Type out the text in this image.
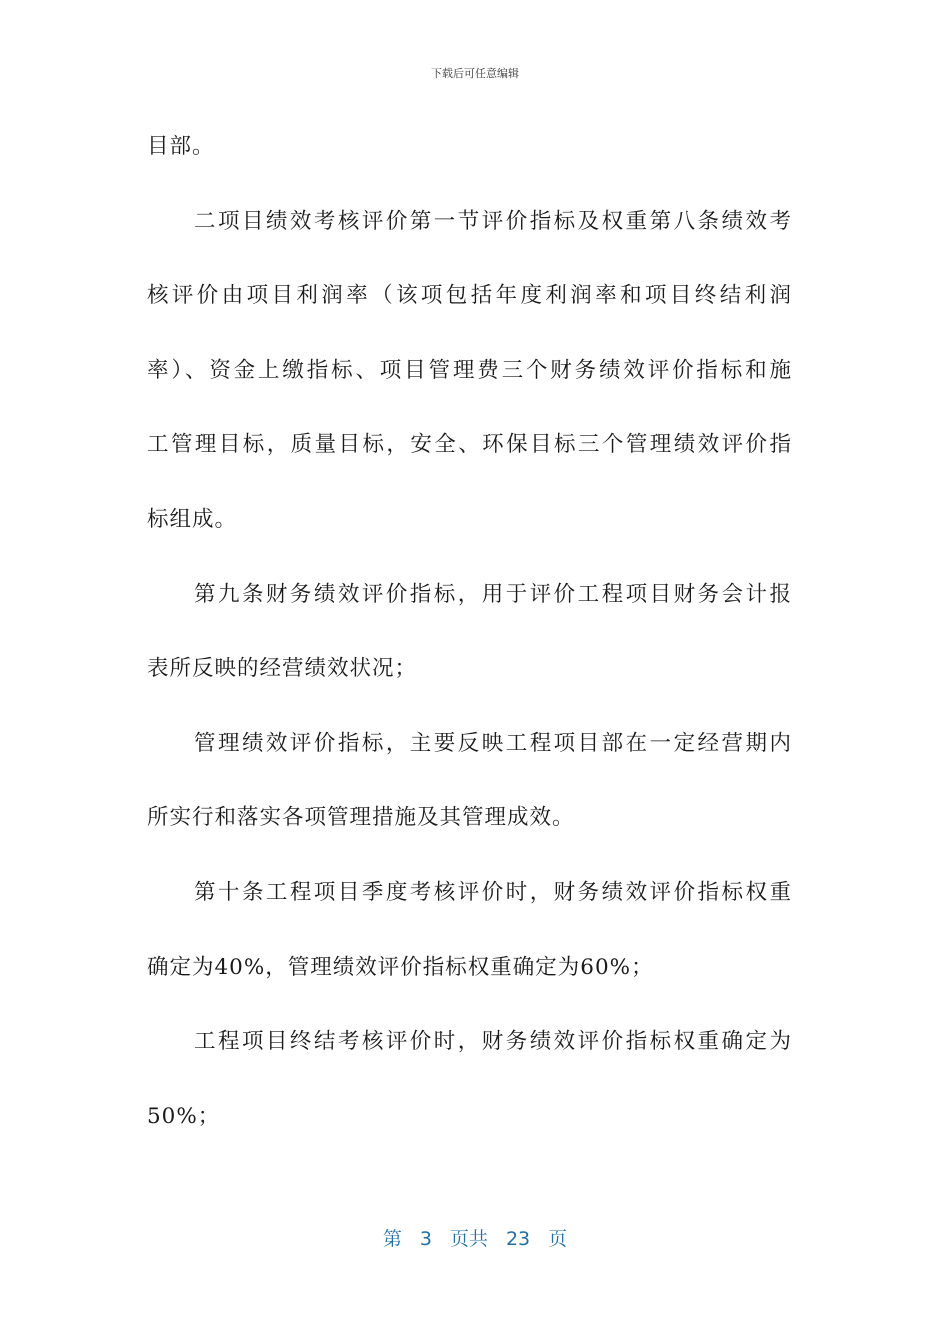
下载后可任意编辑
目部。
二项目绩效考核评价第一节评价指标及权重第八条绩效考
核评价由项目利润率（该项包括年度利润率和项目终结利润
率）、资金上缴指标、项目管理费三个财务绩效评价指标和施
工管理目标，质量目标，安全、环保目标三个管理绩效评价指
标组成。
第九条财务绩效评价指标，用于评价工程项目财务会计报
表所反映的经营绩效状况；
管理绩效评价指标，主要反映工程项目部在一定经营期内
所实行和落实各项管理措施及其管理成效。
第十条工程项目季度考核评价时，财务绩效评价指标权重
确定为40%，管理绩效评价指标权重确定为60%；
工程项目终结考核评价时，财务绩效评价指标权重确定为
50%；
第 3 页共 23 页
